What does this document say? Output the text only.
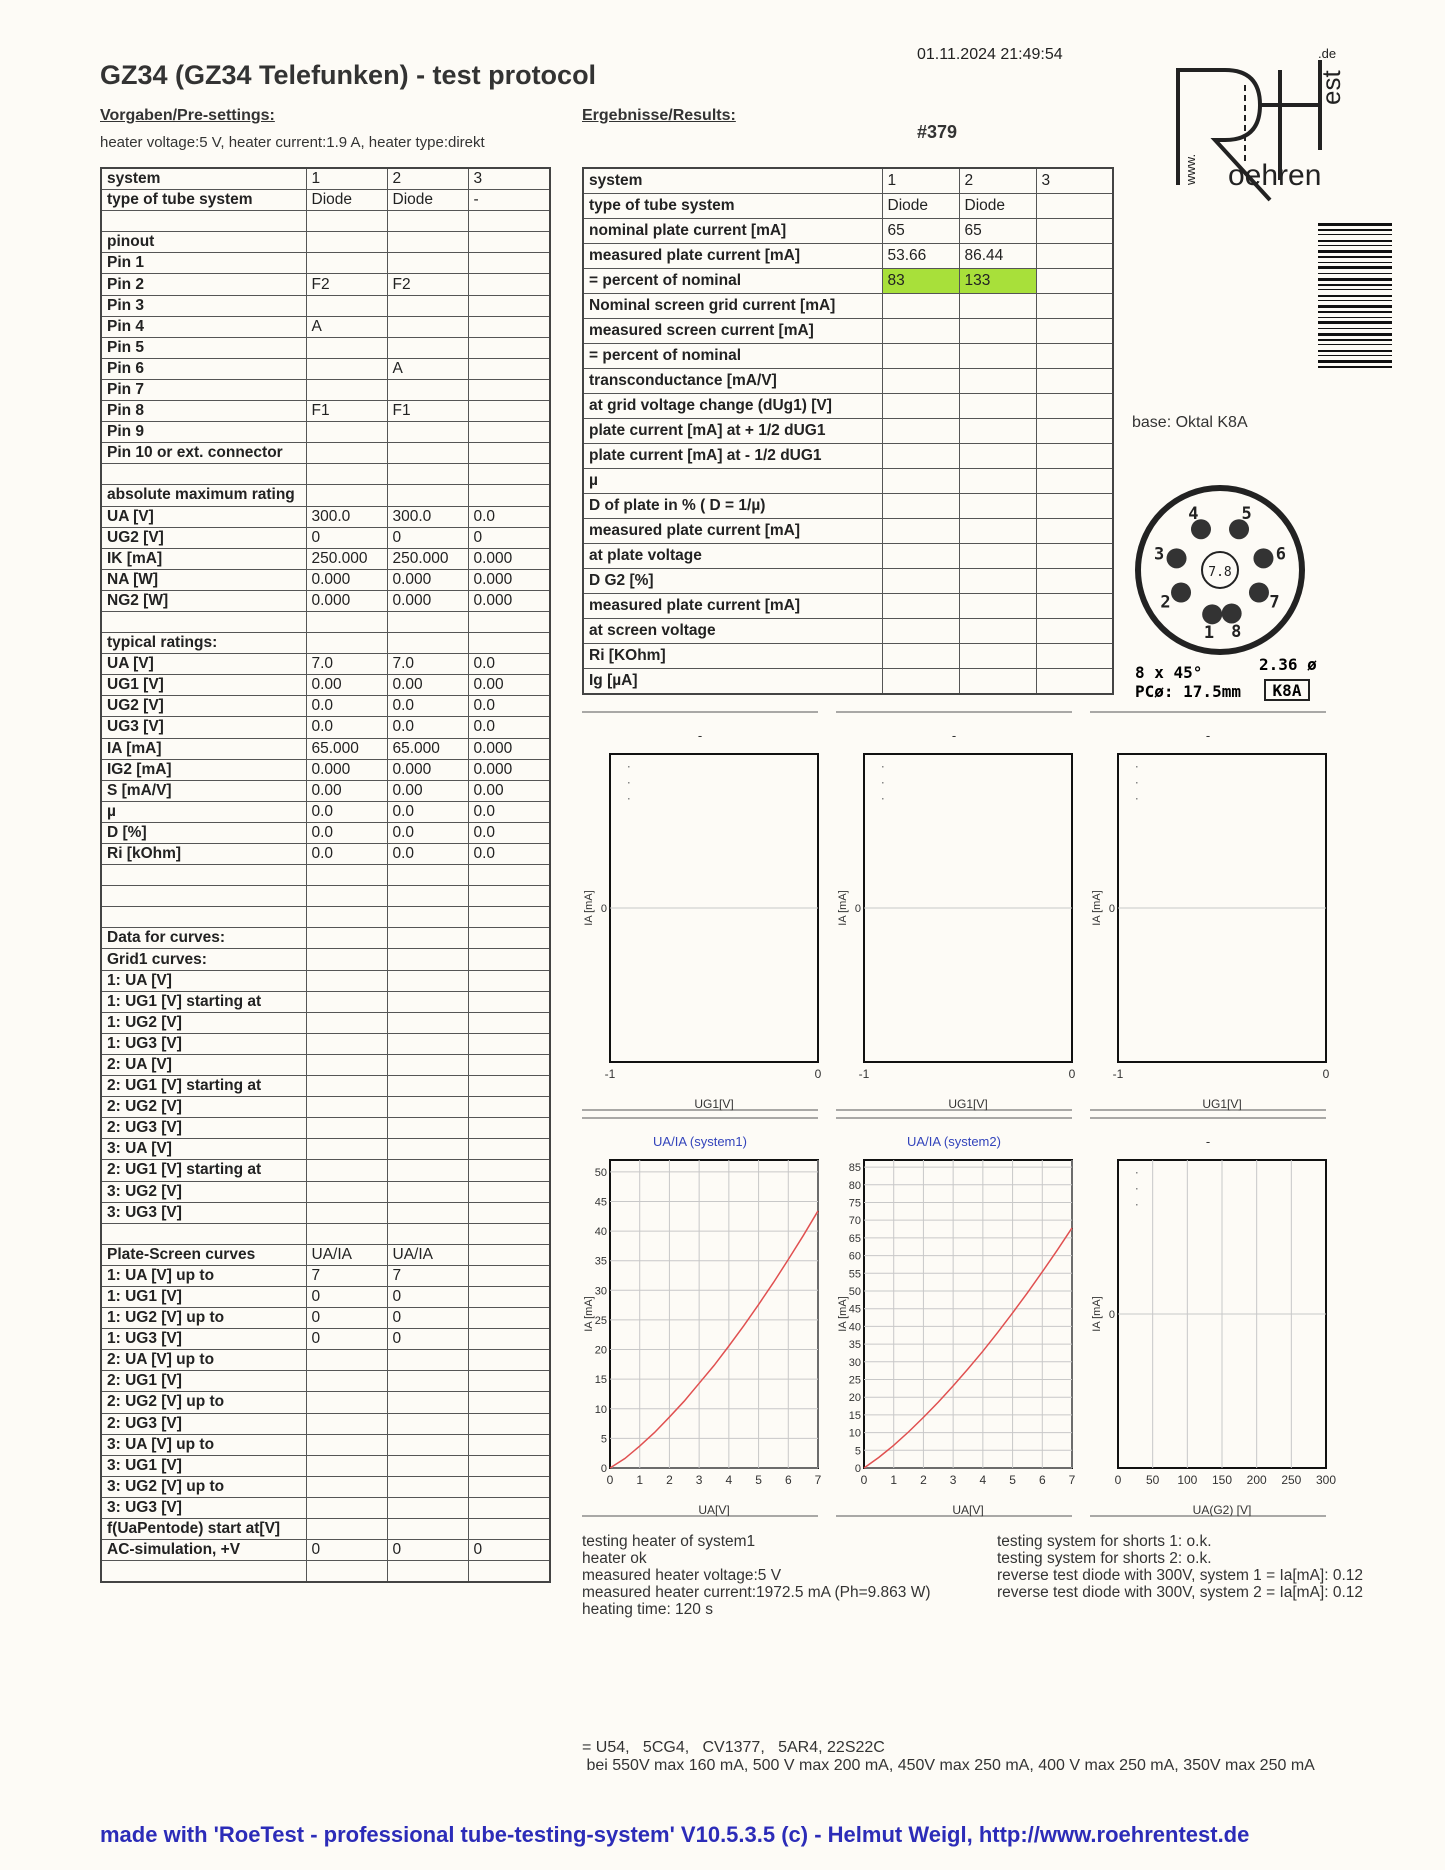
GZ34 (GZ34 Telefunken) - test protocol
01.11.2024 21:49:54
Vorgaben/Pre-settings:
heater voltage:5 V, heater current:1.9 A, heater type:direkt
Ergebnisse/Results:
#379
www.
est
.de
oehren
system	1	2	3
type of tube system	Diode	Diode	-

pinout			
Pin 1			
Pin 2	F2	F2	
Pin 3			
Pin 4	A		
Pin 5			
Pin 6		A	
Pin 7			
Pin 8	F1	F1	
Pin 9			
Pin 10 or ext. connector			

absolute maximum rating			
UA [V]	300.0	300.0	0.0
UG2 [V]	0	0	0
IK [mA]	250.000	250.000	0.000
NA [W]	0.000	0.000	0.000
NG2 [W]	0.000	0.000	0.000

typical ratings:			
UA [V]	7.0	7.0	0.0
UG1 [V]	0.00	0.00	0.00
UG2 [V]	0.0	0.0	0.0
UG3 [V]	0.0	0.0	0.0
IA [mA]	65.000	65.000	0.000
IG2 [mA]	0.000	0.000	0.000
S [mA/V]	0.00	0.00	0.00
µ	0.0	0.0	0.0
D [%]	0.0	0.0	0.0
Ri [kOhm]	0.0	0.0	0.0

Data for curves:			
Grid1 curves:			
1: UA [V]			
1: UG1 [V] starting at			
1: UG2 [V]			
1: UG3 [V]			
2: UA [V]			
2: UG1 [V] starting at			
2: UG2 [V]			
2: UG3 [V]			
3: UA [V]			
2: UG1 [V] starting at			
3: UG2 [V]			
3: UG3 [V]			

Plate-Screen curves	UA/IA	UA/IA	
1: UA [V] up to	7	7	
1: UG1 [V]	0	0	
1: UG2 [V] up to	0	0	
1: UG3 [V]	0	0	
2: UA [V] up to			
2: UG1 [V]			
2: UG2 [V] up to			
2: UG3 [V]			
3: UA [V] up to			
3: UG1 [V]			
3: UG2 [V] up to			
3: UG3 [V]			
f(UaPentode) start at[V]			
AC-simulation, +V	0	0	0

system	1	2	3
type of tube system	Diode	Diode	
nominal plate current [mA]	65	65	
measured plate current [mA]	53.66	86.44	
= percent of nominal	83	133	
Nominal screen grid current [mA]			
measured screen current [mA]			
= percent of nominal			
transconductance [mA/V]			
at grid voltage change (dUg1) [V]			
plate current [mA] at + 1/2 dUG1			
plate current [mA] at - 1/2 dUG1			
µ			
D of plate in % ( D = 1/µ)			
measured plate current [mA]			
at plate voltage			
D G2 [%]			
measured plate current [mA]			
at screen voltage			
Ri [KOhm]			
Ig [µA]			
base: Oktal K8A
7.8
1
2
3
4	5
6
7
8
8 x 45°	2.36 ø
PCø: 17.5mm K8A
-
UG1[V]
IA [mA] 0
-1	0
-
UG1[V]
IA [mA] 0
-1	0
-
UG1[V]
IA [mA] 0
-1	0
UA/IA (system1)
UA[V]
IA [mA]
0 1 2 3 4 5 6 7
0
5
10
15
20
25
30
35
40
45
50
UA/IA (system2)
UA[V]
IA [mA]
0 1 2 3 4 5 6 7
0
5
10
15
20
25
30
35
40
45
50
55
60
65
70
75
80
85
-
UA(G2) [V]
IA [mA] 0
0 50 100 150 200 250 300
testing heater of system1
heater ok
measured heater voltage:5 V
measured heater current:1972.5 mA (Ph=9.863 W)
heating time: 120 s
testing system for shorts 1: o.k.
testing system for shorts 2: o.k.
reverse test diode with 300V, system 1 = Ia[mA]: 0.12
reverse test diode with 300V, system 2 = Ia[mA]: 0.12
= U54,   5CG4,   CV1377,   5AR4, 22S22C
bei 550V max 160 mA, 500 V max 200 mA, 450V max 250 mA, 400 V max 250 mA, 350V max 250 mA
made with 'RoeTest - professional tube-testing-system' V10.5.3.5 (c) - Helmut Weigl, http://www.roehrentest.de
